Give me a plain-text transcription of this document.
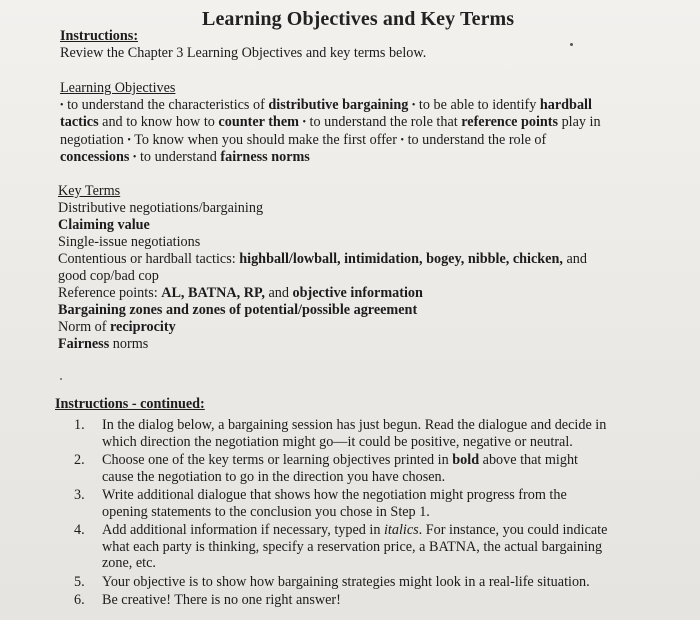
Learning Objectives and Key Terms
Instructions:
Review the Chapter 3 Learning Objectives and key terms below.
Learning Objectives
• to understand the characteristics of distributive bargaining • to be able to identify hardball
tactics and to know how to counter them • to understand the role that reference points play in
negotiation • To know when you should make the first offer • to understand the role of
concessions • to understand fairness norms
Key Terms
Distributive negotiations/bargaining
Claiming value
Single-issue negotiations
Contentious or hardball tactics: highball/lowball, intimidation, bogey, nibble, chicken, and
good cop/bad cop
Reference points: AL, BATNA, RP, and objective information
Bargaining zones and zones of potential/possible agreement
Norm of reciprocity
Fairness norms
Instructions - continued:
1.	In the dialog below, a bargaining session has just begun. Read the dialogue and decide in
which direction the negotiation might go—it could be positive, negative or neutral.
2.	Choose one of the key terms or learning objectives printed in bold above that might
cause the negotiation to go in the direction you have chosen.
3.	Write additional dialogue that shows how the negotiation might progress from the
opening statements to the conclusion you chose in Step 1.
4.	Add additional information if necessary, typed in italics. For instance, you could indicate
what each party is thinking, specify a reservation price, a BATNA, the actual bargaining
zone, etc.
5.	Your objective is to show how bargaining strategies might look in a real-life situation.
6.	Be creative! There is no one right answer!
